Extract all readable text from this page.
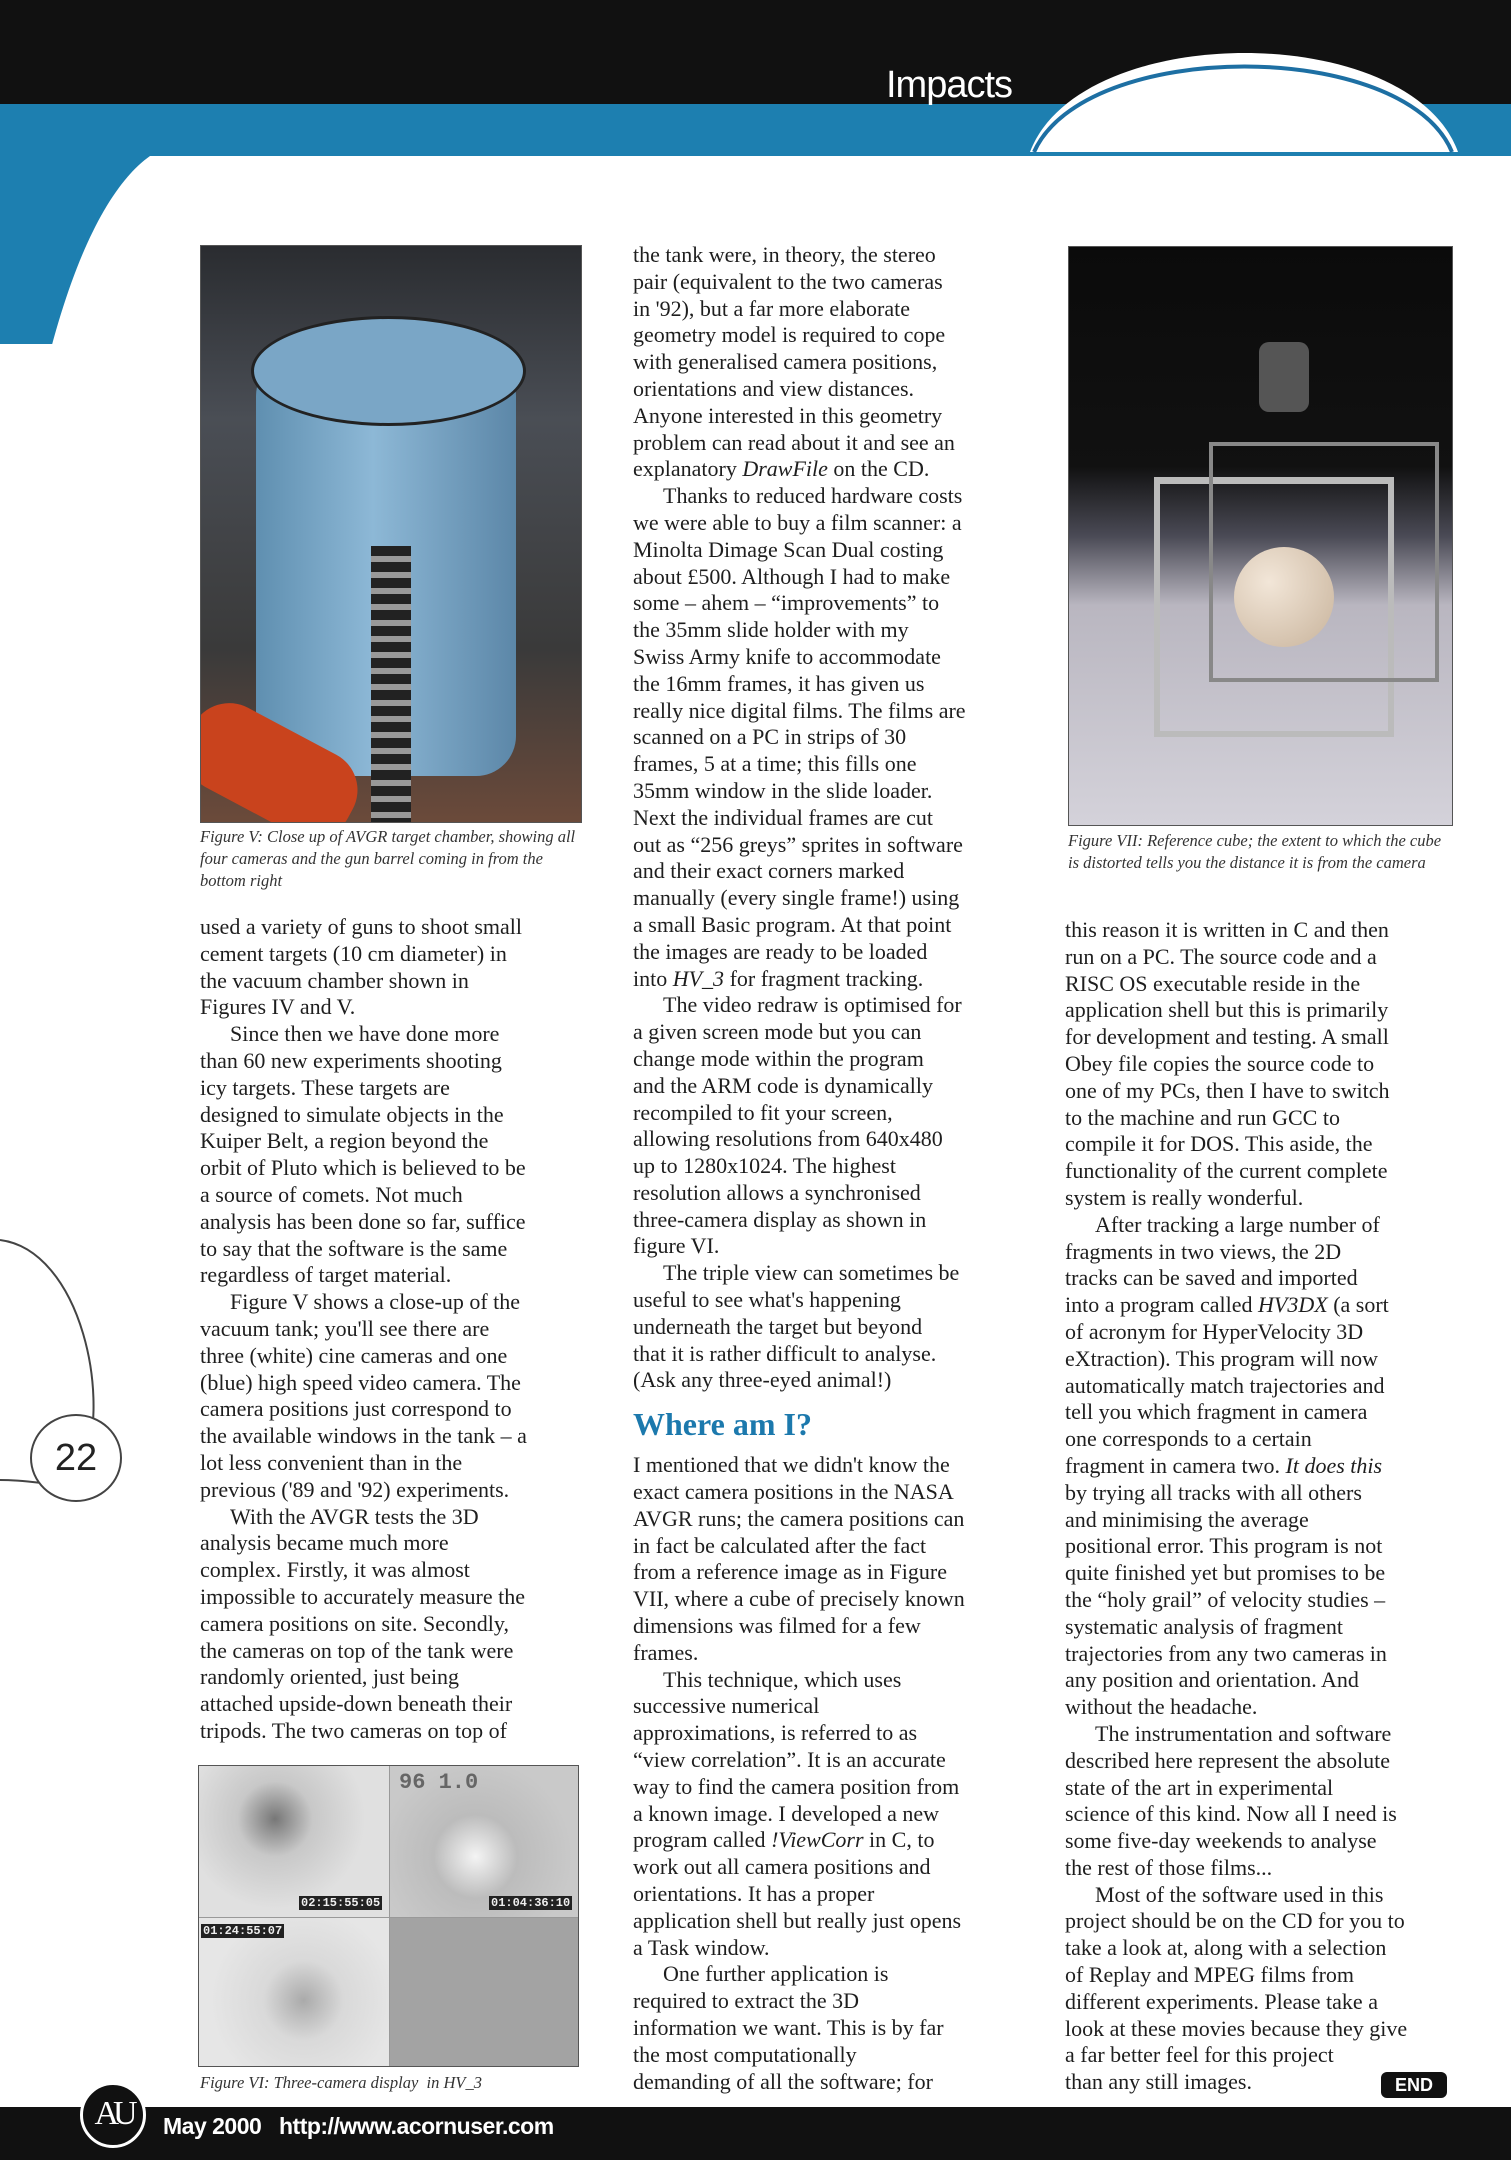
Impacts
Figure V: Close up of AVGR target chamber, showing all four cameras and the gun barrel coming in from the bottom right
02:15:55:05	01:04:36:10
01:24:55:07
96 1.0
Figure VI: Three-camera display  in HV_3
Figure VII: Reference cube; the extent to which the cube is distorted tells you the distance it is from the camera
used a variety of guns to shoot small
cement targets (10 cm diameter) in
the vacuum chamber shown in
Figures IV and V.
Since then we have done more
than 60 new experiments shooting
icy targets. These targets are
designed to simulate objects in the
Kuiper Belt, a region beyond the
orbit of Pluto which is believed to be
a source of comets. Not much
analysis has been done so far, suffice
to say that the software is the same
regardless of target material.
Figure V shows a close-up of the
vacuum tank; you'll see there are
three (white) cine cameras and one
(blue) high speed video camera. The
camera positions just correspond to
the available windows in the tank – a
lot less convenient than in the
previous ('89 and '92) experiments.
With the AVGR tests the 3D
analysis became much more
complex. Firstly, it was almost
impossible to accurately measure the
camera positions on site. Secondly,
the cameras on top of the tank were
randomly oriented, just being
attached upside-down beneath their
tripods. The two cameras on top of
the tank were, in theory, the stereo
pair (equivalent to the two cameras
in '92), but a far more elaborate
geometry model is required to cope
with generalised camera positions,
orientations and view distances.
Anyone interested in this geometry
problem can read about it and see an
explanatory DrawFile on the CD.
Thanks to reduced hardware costs
we were able to buy a film scanner: a
Minolta Dimage Scan Dual costing
about £500. Although I had to make
some – ahem – “improvements” to
the 35mm slide holder with my
Swiss Army knife to accommodate
the 16mm frames, it has given us
really nice digital films. The films are
scanned on a PC in strips of 30
frames, 5 at a time; this fills one
35mm window in the slide loader.
Next the individual frames are cut
out as “256 greys” sprites in software
and their exact corners marked
manually (every single frame!) using
a small Basic program. At that point
the images are ready to be loaded
into HV_3 for fragment tracking.
The video redraw is optimised for
a given screen mode but you can
change mode within the program
and the ARM code is dynamically
recompiled to fit your screen,
allowing resolutions from 640x480
up to 1280x1024. The highest
resolution allows a synchronised
three-camera display as shown in
figure VI.
The triple view can sometimes be
useful to see what's happening
underneath the target but beyond
that it is rather difficult to analyse.
(Ask any three-eyed animal!)
Where am I?
I mentioned that we didn't know the
exact camera positions in the NASA
AVGR runs; the camera positions can
in fact be calculated after the fact
from a reference image as in Figure
VII, where a cube of precisely known
dimensions was filmed for a few
frames.
This technique, which uses
successive numerical
approximations, is referred to as
“view correlation”. It is an accurate
way to find the camera position from
a known image. I developed a new
program called !ViewCorr in C, to
work out all camera positions and
orientations. It has a proper
application shell but really just opens
a Task window.
One further application is
required to extract the 3D
information we want. This is by far
the most computationally
demanding of all the software; for
this reason it is written in C and then
run on a PC. The source code and a
RISC OS executable reside in the
application shell but this is primarily
for development and testing. A small
Obey file copies the source code to
one of my PCs, then I have to switch
to the machine and run GCC to
compile it for DOS. This aside, the
functionality of the current complete
system is really wonderful.
After tracking a large number of
fragments in two views, the 2D
tracks can be saved and imported
into a program called HV3DX (a sort
of acronym for HyperVelocity 3D
eXtraction). This program will now
automatically match trajectories and
tell you which fragment in camera
one corresponds to a certain
fragment in camera two. It does this
by trying all tracks with all others
and minimising the average
positional error. This program is not
quite finished yet but promises to be
the “holy grail” of velocity studies –
systematic analysis of fragment
trajectories from any two cameras in
any position and orientation. And
without the headache.
The instrumentation and software
described here represent the absolute
state of the art in experimental
science of this kind. Now all I need is
some five-day weekends to analyse
the rest of those films...
Most of the software used in this
project should be on the CD for you to
take a look at, along with a selection
of Replay and MPEG films from
different experiments. Please take a
look at these movies because they give
a far better feel for this project
than any still images.
22
END
AU	May 2000 http://www.acornuser.com
